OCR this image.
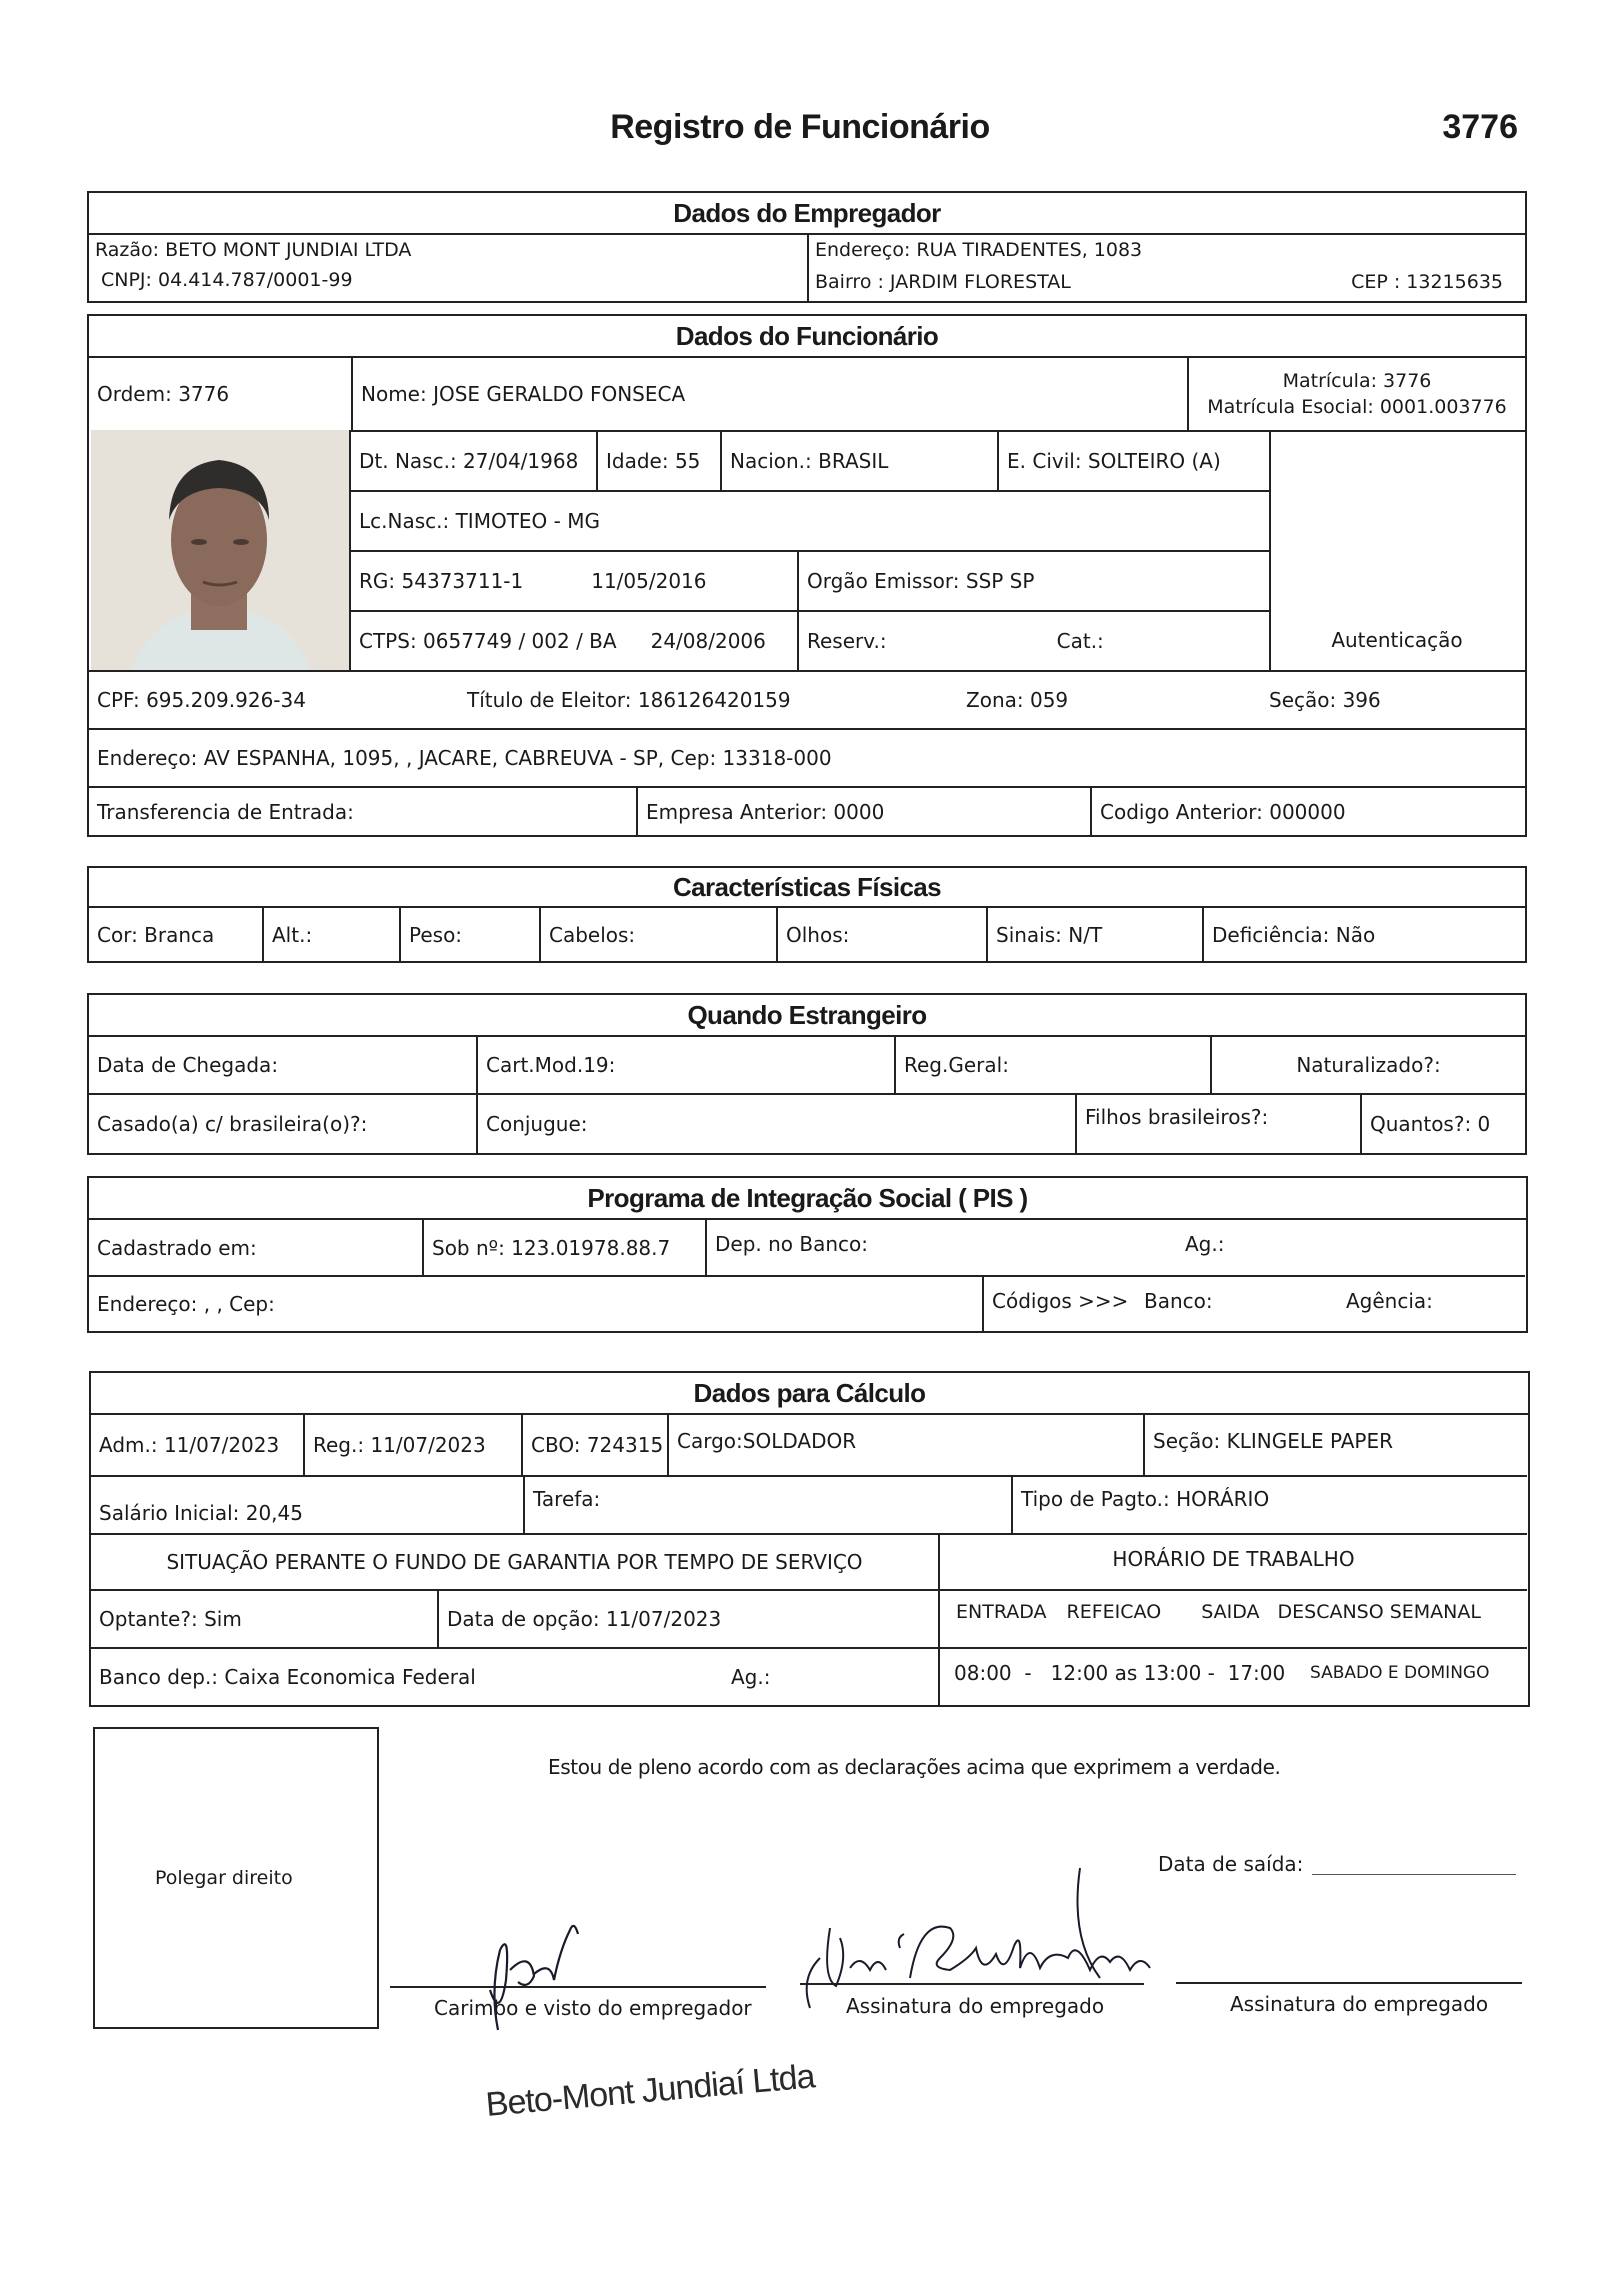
Registro de Funcionário	3776
Dados do Empregador
Razão: BETO MONT JUNDIAI LTDA
CNPJ: 04.414.787/0001-99
Endereço: RUA TIRADENTES, 1083
Bairro : JARDIM FLORESTAL	CEP : 13215635
Dados do Funcionário
Ordem: 3776	Nome: JOSE GERALDO FONSECA
Matrícula: 3776
Matrícula Esocial: 0001.003776
Dt. Nasc.: 27/04/1968	Idade: 55	Nacion.: BRASIL	E. Civil: SOLTEIRO (A)
Lc.Nasc.: TIMOTEO - MG
RG: 54373711-1	11/05/2016	Orgão Emissor: SSP SP
CTPS: 0657749 / 002 / BA 24/08/2006 Reserv.:	Cat.:	Autenticação
CPF: 695.209.926-34	Título de Eleitor: 186126420159	Zona: 059	Seção: 396
Endereço: AV ESPANHA, 1095, , JACARE, CABREUVA - SP, Cep: 13318-000
Transferencia de Entrada:	Empresa Anterior: 0000	Codigo Anterior: 000000
Características Físicas
Cor: Branca	Alt.:	Peso:	Cabelos:	Olhos:	Sinais: N/T	Deficiência: Não
Quando Estrangeiro
Data de Chegada:	Cart.Mod.19:	Reg.Geral:	Naturalizado?:
Casado(a) c/ brasileira(o)?:	Conjugue:	Filhos brasileiros?:	Quantos?: 0
Programa de Integração Social ( PIS )
Cadastrado em:	Sob nº: 123.01978.88.7	Dep. no Banco:	Ag.:
Endereço: , , Cep:	Códigos >>> Banco:	Agência:
Dados para Cálculo
Adm.: 11/07/2023	Reg.: 11/07/2023	CBO: 724315 Cargo:SOLDADOR	Seção: KLINGELE PAPER
Salário Inicial: 20,45
Tarefa:	Tipo de Pagto.: HORÁRIO
SITUAÇÃO PERANTE O FUNDO DE GARANTIA POR TEMPO DE SERVIÇO	HORÁRIO DE TRABALHO
Optante?: Sim	Data de opção: 11/07/2023	ENTRADA REFEICAO SAIDA DESCANSO SEMANAL
Banco dep.: Caixa Economica Federal	Ag.:	08:00  -   12:00 as 13:00 -  17:00 SABADO E DOMINGO
Polegar direito
Estou de pleno acordo com as declarações acima que exprimem a verdade.
Data de saída:
Carimbo e visto do empregador	Assinatura do empregado	Assinatura do empregado
Beto-Mont Jundiaí Ltda
